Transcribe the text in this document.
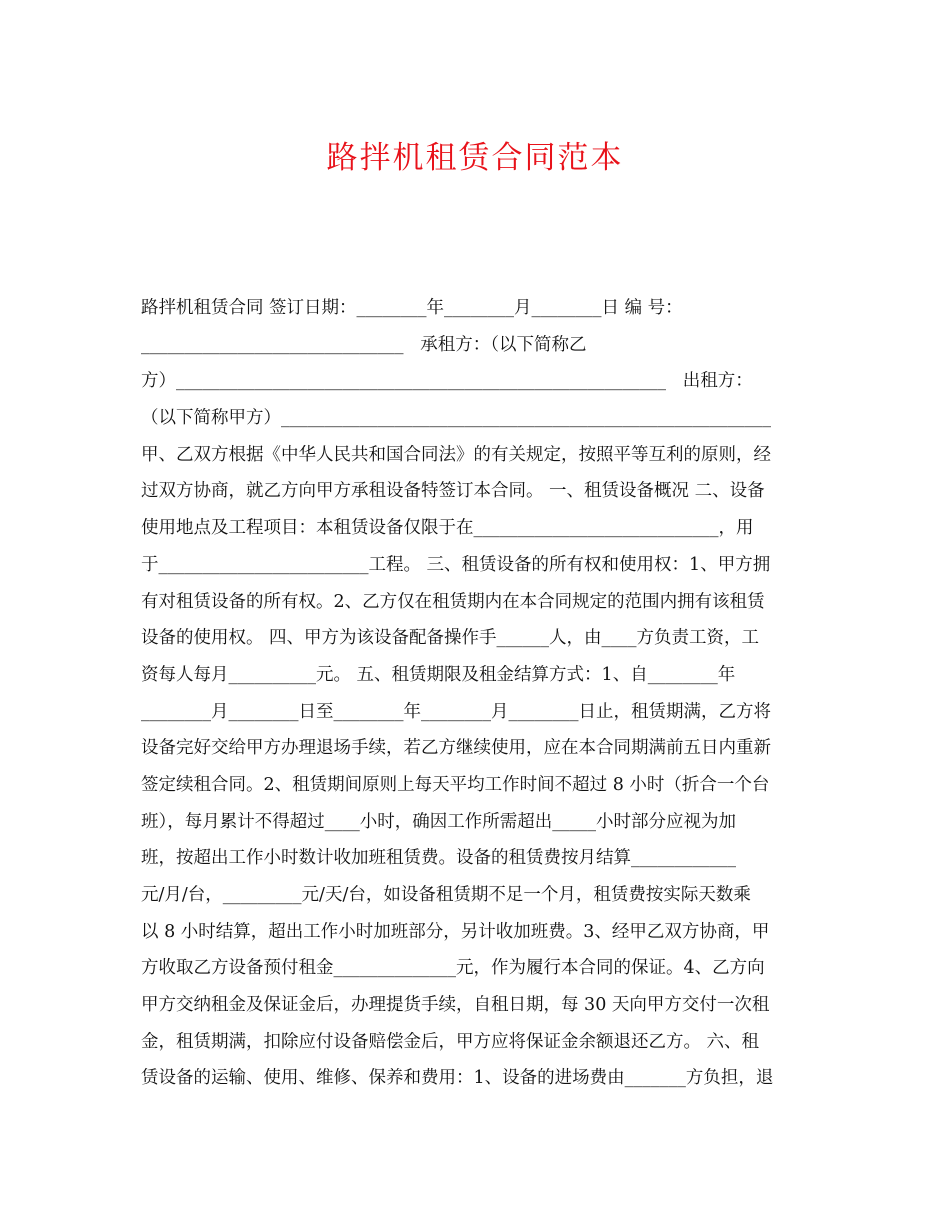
路拌机租赁合同范本
路拌机租赁合同 签订日期：________年________月________日 编 号：
______________________________   承租方：（以下简称乙
方）________________________________________________________   出租方：
（以下简称甲方）________________________________________________________
甲、乙双方根据《中华人民共和国合同法》的有关规定，按照平等互利的原则，经
过双方协商，就乙方向甲方承租设备特签订本合同。 一、租赁设备概况 二、设备
使用地点及工程项目：本租赁设备仅限于在____________________________，用
于________________________工程。 三、租赁设备的所有权和使用权：1、甲方拥
有对租赁设备的所有权。2、乙方仅在租赁期内在本合同规定的范围内拥有该租赁
设备的使用权。 四、甲方为该设备配备操作手______人，由____方负责工资，工
资每人每月__________元。 五、租赁期限及租金结算方式：1、自________年
________月________日至________年________月________日止，租赁期满，乙方将
设备完好交给甲方办理退场手续，若乙方继续使用，应在本合同期满前五日内重新
签定续租合同。2、租赁期间原则上每天平均工作时间不超过 8 小时（折合一个台
班），每月累计不得超过____小时，确因工作所需超出_____小时部分应视为加
班，按超出工作小时数计收加班租赁费。设备的租赁费按月结算____________
元/月/台，_________元/天/台，如设备租赁期不足一个月，租赁费按实际天数乘
以 8 小时结算，超出工作小时加班部分，另计收加班费。3、经甲乙双方协商，甲
方收取乙方设备预付租金______________元，作为履行本合同的保证。4、乙方向
甲方交纳租金及保证金后，办理提货手续，自租日期，每 30 天向甲方交付一次租
金，租赁期满，扣除应付设备赔偿金后，甲方应将保证金余额退还乙方。 六、租
赁设备的运输、使用、维修、保养和费用：1、设备的进场费由_______方负担，退
